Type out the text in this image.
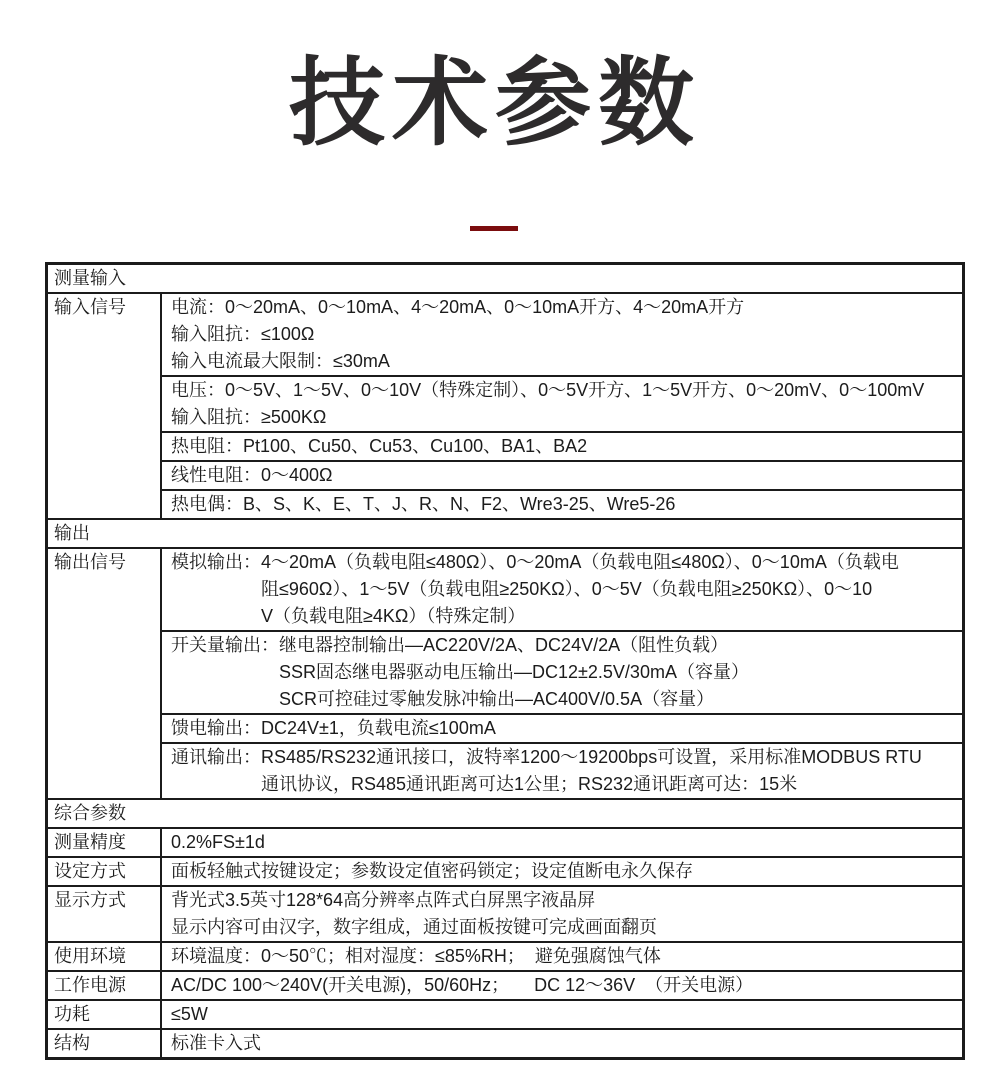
技术参数
测量输入
输入信号	电流：0～20mA、0～10mA、4～20mA、0～10mA开方、4～20mA开方
输入阻抗：≤100Ω
输入电流最大限制：≤30mA
电压：0～5V、1～5V、0～10V（特殊定制）、0～5V开方、1～5V开方、0～20mV、0～100mV
输入阻抗：≥500KΩ
热电阻：Pt100、Cu50、Cu53、Cu100、BA1、BA2
线性电阻：0～400Ω
热电偶：B、S、K、E、T、J、R、N、F2、Wre3-25、Wre5-26
输出
输出信号	模拟输出：4～20mA（负载电阻≤480Ω）、0～20mA（负载电阻≤480Ω）、0～10mA（负载电
阻≤960Ω）、1～5V（负载电阻≥250KΩ）、0～5V（负载电阻≥250KΩ）、0～10
V（负载电阻≥4KΩ）（特殊定制）
开关量输出：继电器控制输出—AC220V/2A、DC24V/2A（阻性负载）
SSR固态继电器驱动电压输出—DC12±2.5V/30mA（容量）
SCR可控硅过零触发脉冲输出—AC400V/0.5A（容量）
馈电输出：DC24V±1，负载电流≤100mA
通讯输出：RS485/RS232通讯接口，波特率1200～19200bps可设置，采用标准MODBUS RTU
通讯协议，RS485通讯距离可达1公里；RS232通讯距离可达：15米
综合参数
测量精度	0.2%FS±1d
设定方式	面板轻触式按键设定；参数设定值密码锁定；设定值断电永久保存
显示方式	背光式3.5英寸128*64高分辨率点阵式白屏黑字液晶屏
显示内容可由汉字，数字组成，通过面板按键可完成画面翻页
使用环境	环境温度：0～50℃；相对湿度：≤85%RH；  避免强腐蚀气体
工作电源	AC/DC 100～240V(开关电源)，50/60Hz；     DC 12～36V  （开关电源）
功耗	≤5W
结构	标准卡入式
